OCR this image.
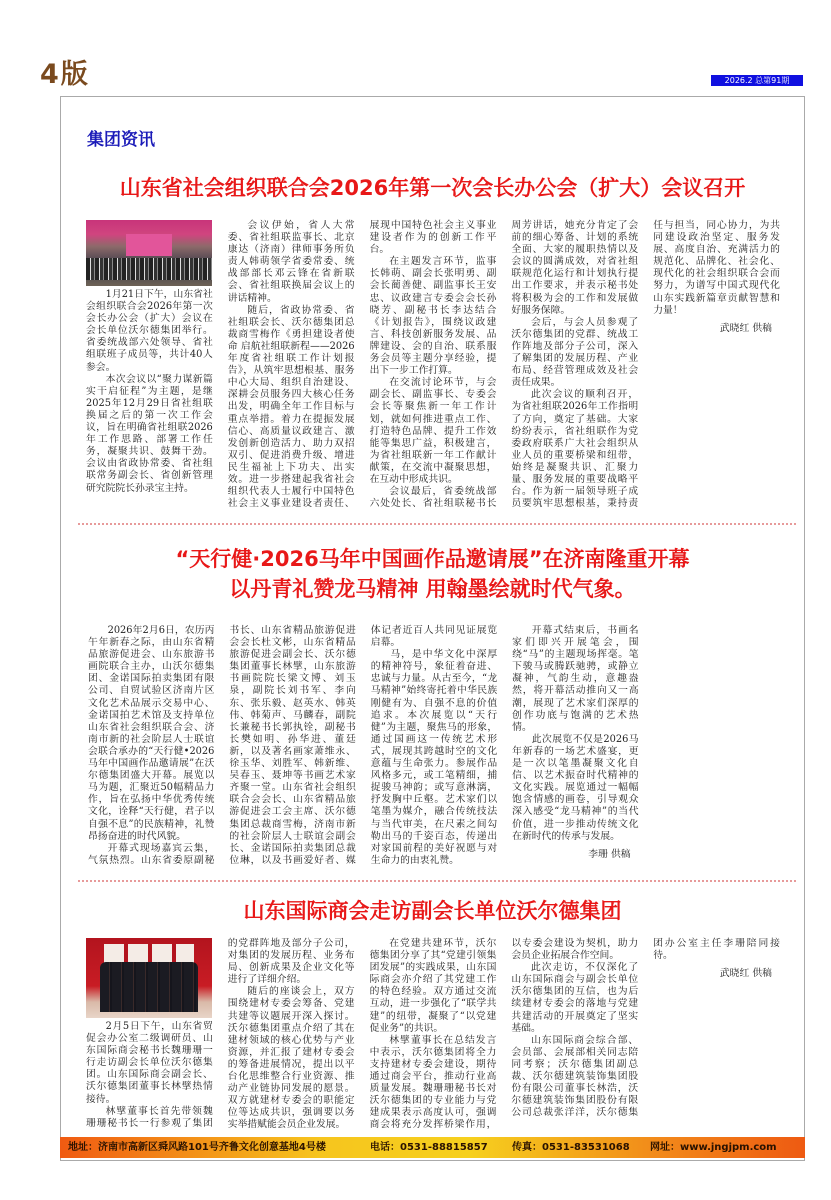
4版	2026.2 总第91期
集团资讯
山东省社会组织联合会2026年第一次会长办公会（扩大）会议召开

1月21日下午，山东省社会组织联合会2026年第一次会长办公会（扩大）会议在会长单位沃尔德集团举行。省委统战部六处领导、省社组联班子成员等，共计40人参会。

本次会议以“聚力谋新篇 实干启征程”为主题，是继2025年12月29日省社组联换届之后的第一次工作会议，旨在明确省社组联2026年工作思路、部署工作任务，凝聚共识、鼓舞干劲。会议由省政协常委、省社组联常务副会长、省创新管理研究院院长孙录宝主持。

会议伊始，省人大常委、省社组联监事长、北京康达（济南）律师事务所负责人韩萌领学省委常委、统战部部长邓云锋在省新联会、省社组联换届会议上的讲话精神。

随后，省政协常委、省社组联会长、沃尔德集团总裁商雪梅作《勇担建设者使命 启航社组联新程——2026年度省社组联工作计划报告》，从筑牢思想根基、服务中心大局、组织自治建设、深耕会员服务四大核心任务出发，明确全年工作目标与重点举措。着力在提振发展信心、高质量议政建言、激发创新创造活力、助力双招双引、促进消费升级、增进民生福祉上下功夫、出实效。进一步搭建起我省社会组织代表人士履行中国特色社会主义事业建设者责任、展现中国特色社会主义事业建设者作为的创新工作平台。

在主题发言环节，监事长韩萌、副会长张明勇、副会长蔺善健、副监事长王安忠、议政建言专委会会长孙晓芳、副秘书长李达结合《计划报告》，围绕议政建言、科技创新服务发展、品牌建设、会的自治、联系服务会员等主题分享经验，提出下一步工作打算。

在交流讨论环节，与会副会长、副监事长、专委会会长等聚焦新一年工作计划，就如何推进重点工作、打造特色品牌、提升工作效能等集思广益，积极建言，为省社组联新一年工作献计献策，在交流中凝聚思想，在互动中形成共识。

会议最后，省委统战部六处处长、省社组联秘书长周芳讲话，她充分肯定了会前的细心筹备、计划的系统全面、大家的履职热情以及会议的圆满成效，对省社组联规范化运行和计划执行提出工作要求，并表示秘书处将积极为会的工作和发展做好服务保障。

会后，与会人员参观了沃尔德集团的党群、统战工作阵地及部分子公司，深入了解集团的发展历程、产业布局、经营管理成效及社会责任成果。

此次会议的顺利召开，为省社组联2026年工作指明了方向，奠定了基础。大家纷纷表示，省社组联作为党委政府联系广大社会组织从业人员的重要桥梁和纽带，始终是凝聚共识、汇聚力量、服务发展的重要战略平台。作为新一届领导班子成员要筑牢思想根基，秉持责任与担当，同心协力，为共同建设政治坚定、服务发展、高度自治、充满活力的规范化、品牌化、社会化、现代化的社会组织联合会而努力，为谱写中国式现代化山东实践新篇章贡献智慧和力量！

武晓红 供稿

“天行健·2026马年中国画作品邀请展”在济南隆重开幕
以丹青礼赞龙马精神 用翰墨绘就时代气象。

2026年2月6日，农历丙午年新春之际，由山东省精品旅游促进会、山东旅游书画院联合主办，山沃尔德集团、金诺国际拍卖集团有限公司、自贸试验区济南片区文化艺术品展示交易中心、金诺国拍艺术馆及支持单位山东省社会组织联合会、济南市新的社会阶层人士联谊会联合承办的“天行健•2026马年中国画作品邀请展”在沃尔德集团盛大开幕。展览以马为题，汇聚近50幅精品力作，旨在弘扬中华优秀传统文化，诠释“天行健，君子以自强不息”的民族精神，礼赞昂扬奋进的时代风貌。

开幕式现场嘉宾云集，气氛热烈。山东省委原副秘书长、山东省精品旅游促进会会长杜文彬，山东省精品旅游促进会副会长、沃尔德集团董事长林擘，山东旅游书画院院长梁文博、刘玉泉，副院长刘书军、李向东、张乐毅、赵英水、韩英伟、韩菊声、马麟春，副院长兼秘书长郭执铨，副秘书长樊如明、孙华进、董廷新，以及著名画家萧维永、徐玉华、刘胜军、韩新维、吴春玉、聂坤等书画艺术家齐聚一堂。山东省社会组织联合会会长、山东省精品旅游促进会工会主席、沃尔德集团总裁商雪梅，济南市新的社会阶层人士联谊会副会长、金诺国际拍卖集团总裁位琳，以及书画爱好者、媒体记者近百人共同见证展览启幕。

马，是中华文化中深厚的精神符号，象征着奋进、忠诚与力量。从古至今，“龙马精神”始终寄托着中华民族刚健有为、自强不息的价值追求。本次展览以“天行健”为主题，聚焦马的形象，通过国画这一传统艺术形式，展现其跨越时空的文化意蕴与生命张力。参展作品风格多元，或工笔精细，捕捉骏马神韵；或写意淋漓，抒发胸中丘壑。艺术家们以笔墨为媒介，融合传统技法与当代审美，在尺素之间勾勒出马的千姿百态，传递出对家国前程的美好祝愿与对生命力的由衷礼赞。

开幕式结束后，书画名家们即兴开展笔会，围绕“马”的主题现场挥毫。笔下骏马或腾跃驰骋，或静立凝神，气韵生动，意趣盎然，将开幕活动推向又一高潮，展现了艺术家们深厚的创作功底与饱满的艺术热情。

此次展览不仅是2026马年新春的一场艺术盛宴，更是一次以笔墨凝聚文化自信、以艺术振奋时代精神的文化实践。展览通过一幅幅饱含情感的画卷，引导观众深入感受“龙马精神”的当代价值，进一步推动传统文化在新时代的传承与发展。

李珊 供稿

山东国际商会走访副会长单位沃尔德集团

2月5日下午，山东省贸促会办公室二级调研员、山东国际商会秘书长魏珊珊一行走访副会长单位沃尔德集团。山东国际商会副会长、沃尔德集团董事长林擘热情接待。

林擘董事长首先带领魏珊珊秘书长一行参观了集团的党群阵地及部分子公司，对集团的发展历程、业务布局、创新成果及企业文化等进行了详细介绍。

随后的座谈会上，双方围绕建材专委会筹备、党建共建等议题展开深入探讨。沃尔德集团重点介绍了其在建材领域的核心优势与产业资源，并汇报了建材专委会的筹备进展情况，提出以平台化思维整合行业资源、推动产业链协同发展的愿景。双方就建材专委会的职能定位等达成共识，强调要以务实举措赋能会员企业发展。

在党建共建环节，沃尔德集团分享了其“党建引领集团发展”的实践成果，山东国际商会亦介绍了其党建工作的特色经验。双方通过交流互动，进一步强化了“联学共建”的纽带，凝聚了“以党建促业务”的共识。

林擘董事长在总结发言中表示，沃尔德集团将全力支持建材专委会建设，期待通过商会平台，推动行业高质量发展。魏珊珊秘书长对沃尔德集团的专业能力与党建成果表示高度认可，强调商会将充分发挥桥梁作用，以专委会建设为契机，助力会员企业拓展合作空间。

此次走访，不仅深化了山东国际商会与副会长单位沃尔德集团的互信，也为后续建材专委会的落地与党建共建活动的开展奠定了坚实基础。

山东国际商会综合部、会员部、会展部相关同志陪同考察；沃尔德集团副总裁、沃尔德建筑装饰集团股份有限公司董事长林浩，沃尔德建筑装饰集团股份有限公司总裁张洋洋，沃尔德集团办公室主任李珊陪同接待。

武晓红 供稿

地址：济南市高新区舜风路101号齐鲁文化创意基地4号楼	电话：0531-88815857 传真：0531-83531068 网址：www.jngjpm.com
